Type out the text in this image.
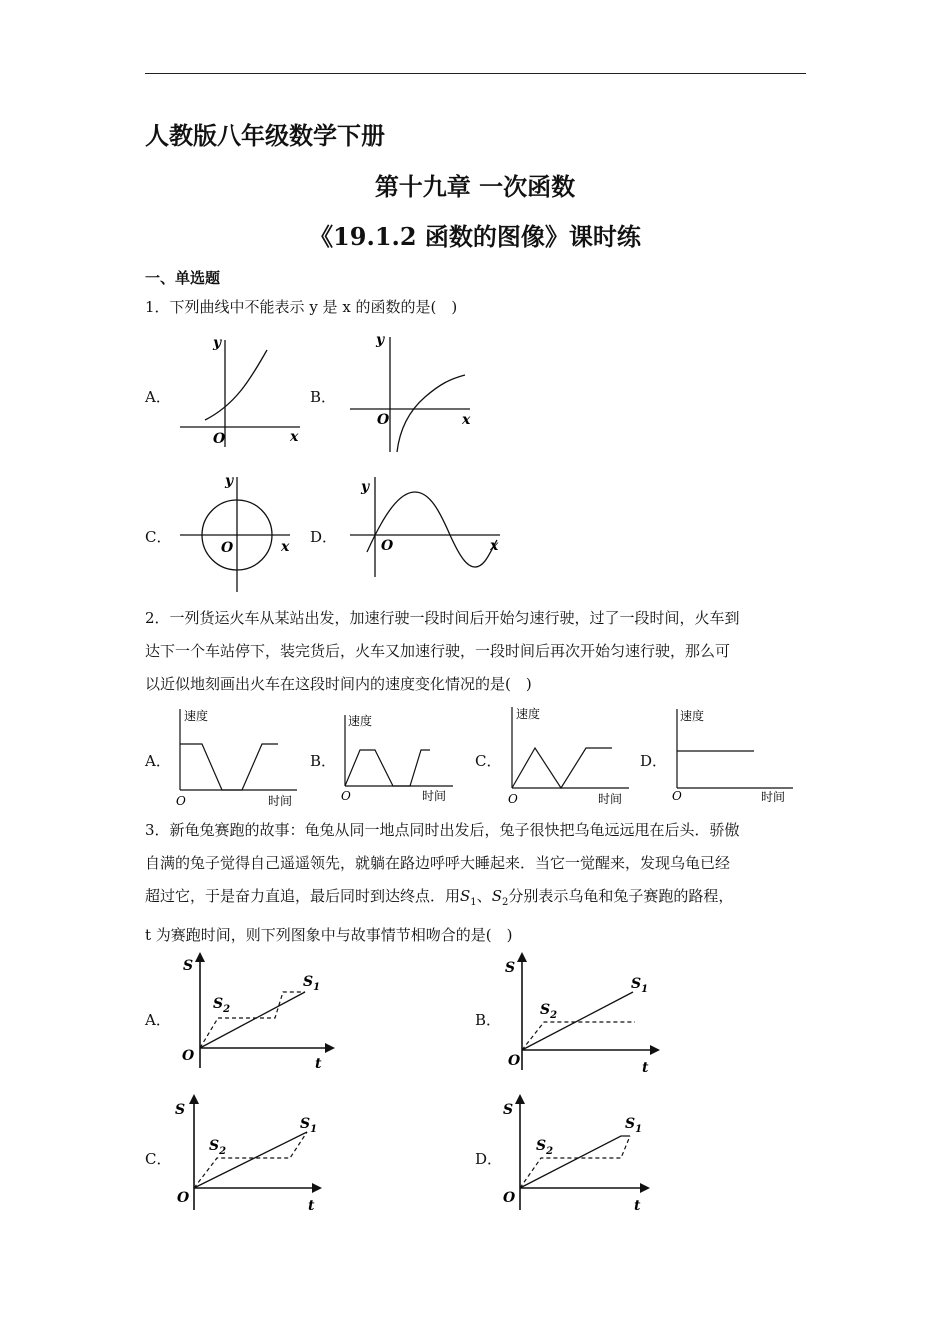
人教版八年级数学下册
第十九章 一次函数
《19.1.2 函数的图像》课时练
一、单选题
1．下列曲线中不能表示 y 是 x 的函数的是(　)
A．
O	x
y
B．
O	x
y
C．
O	x
y
D．	O	x
y
2．一列货运火车从某站出发，加速行驶一段时间后开始匀速行驶，过了一段时间，火车到
达下一个车站停下，装完货后，火车又加速行驶，一段时间后再次开始匀速行驶，那么可
以近似地刻画出火车在这段时间内的速度变化情况的是(　)
A．
速度
O	时间
B．
速度
O	时间
C．
速度
O	时间
D．
速度
O	时间
3．新龟兔赛跑的故事：龟兔从同一地点同时出发后，兔子很快把乌龟远远甩在后头．骄傲
自满的兔子觉得自己遥遥领先，就躺在路边呼呼大睡起来．当它一觉醒来，发现乌龟已经
超过它，于是奋力直追，最后同时到达终点．用$S_1$、$S_2$分别表示乌龟和兔子赛跑的路程，
t 为赛跑时间，则下列图象中与故事情节相吻合的是(　)
A．
O	t
S
$S_1$
$S_2$
B．
O	t
S
$S_1$
$S_2$
C．
O	t
S
$S_1$
$S_2$	D．
O	t
S
$S_1$
$S_2$
